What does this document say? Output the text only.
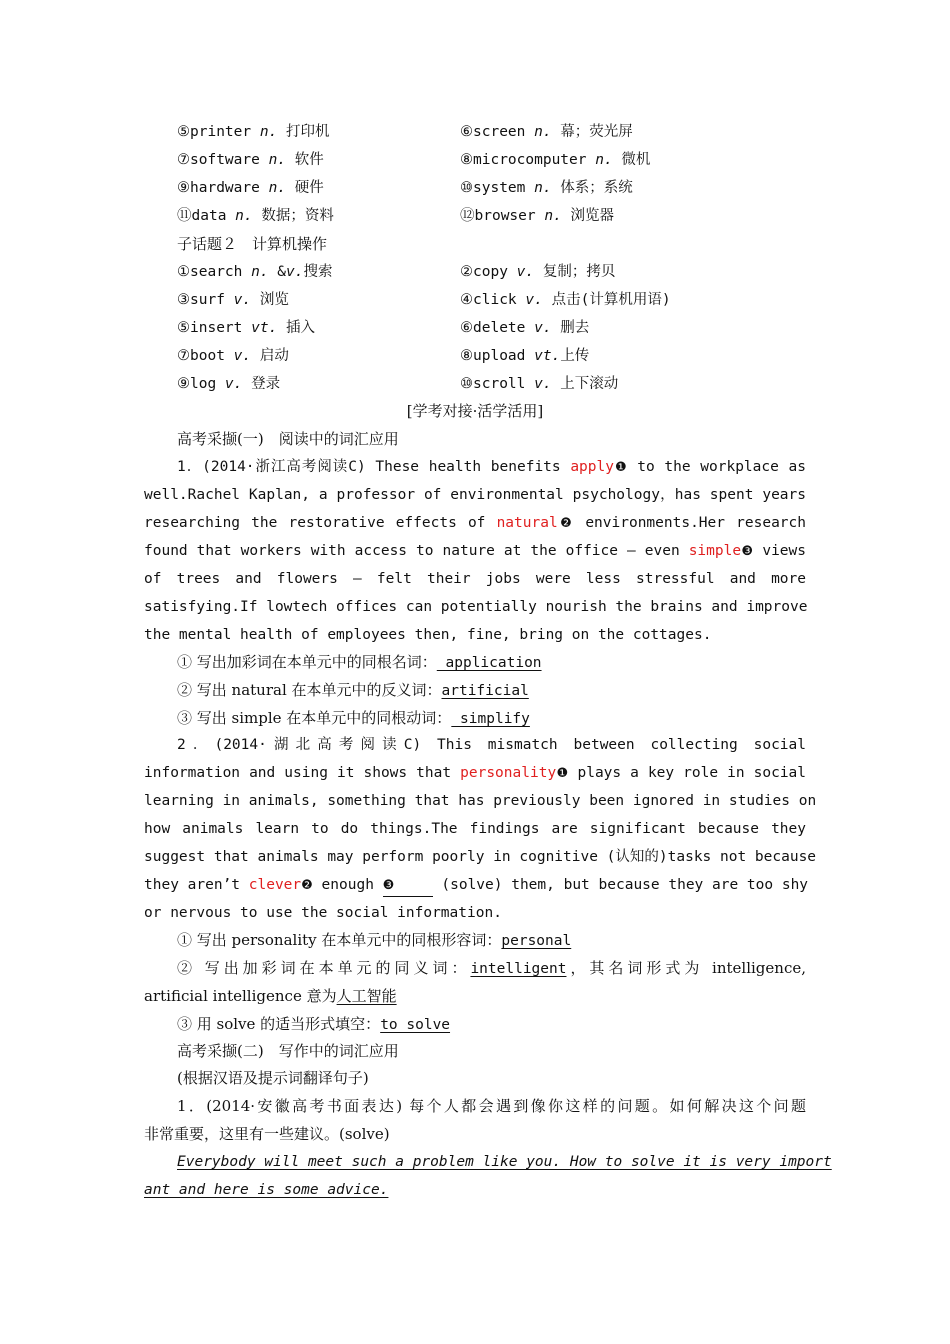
⑤printer n. 打印机	⑥screen n. 幕；荧光屏
⑦software n. 软件	⑧microcomputer n. 微机
⑨hardware n. 硬件	⑩system n. 体系；系统
⑪data n. 数据；资料	⑫browser n. 浏览器
子话题２　计算机操作
①search n. &v.搜索	②copy v. 复制；拷贝
③surf v. 浏览	④click v. 点击(计算机用语)
⑤insert vt. 插入	⑥delete v. 删去
⑦boot v. 启动	⑧upload vt.上传
⑨log v. 登录	⑩scroll v. 上下滚动
[学考对接·活学活用]
高考采撷(一)　阅读中的词汇应用
1．(2014·浙江高考阅读C) These health benefits apply❶ to the workplace as
well.Rachel Kaplan, a professor of environmental psychology，has spent years
researching the restorative effects of natural❷ environments.Her research
found that workers with access to nature at the office — even simple❸ views
of trees and flowers — felt their jobs were less stressful and more
satisfying.If lowtech offices can potentially nourish the brains and improve
the mental health of employees then, fine, bring on the cottages.
① 写出加彩词在本单元中的同根名词： application
② 写出 natural 在本单元中的反义词：artificial
③ 写出 simple 在本单元中的同根动词： simplify
2．(2014·湖北高考阅读C) This mismatch between collecting social
information and using it shows that personality❶ plays a key role in social
learning in animals, something that has previously been ignored in studies on
how animals learn to do things.The findings are significant because they
suggest that animals may perform poorly in cognitive (认知的)tasks not because
they aren’t clever❷ enough ❸	(solve) them, but because they are too shy
or nervous to use the social information.
① 写出 personality 在本单元中的同根形容词：personal
② 写出加彩词在本单元的同义词：intelligent，其名词形式为 intelligence,
artificial intelligence 意为人工智能
③ 用 solve 的适当形式填空：to solve
高考采撷(二)　写作中的词汇应用
(根据汉语及提示词翻译句子)
1．(2014·安徽高考书面表达) 每个人都会遇到像你这样的问题。如何解决这个问题
非常重要，这里有一些建议。(solve)
Everybody will meet such a problem like you. How to solve it is very import
ant and here is some advice.
